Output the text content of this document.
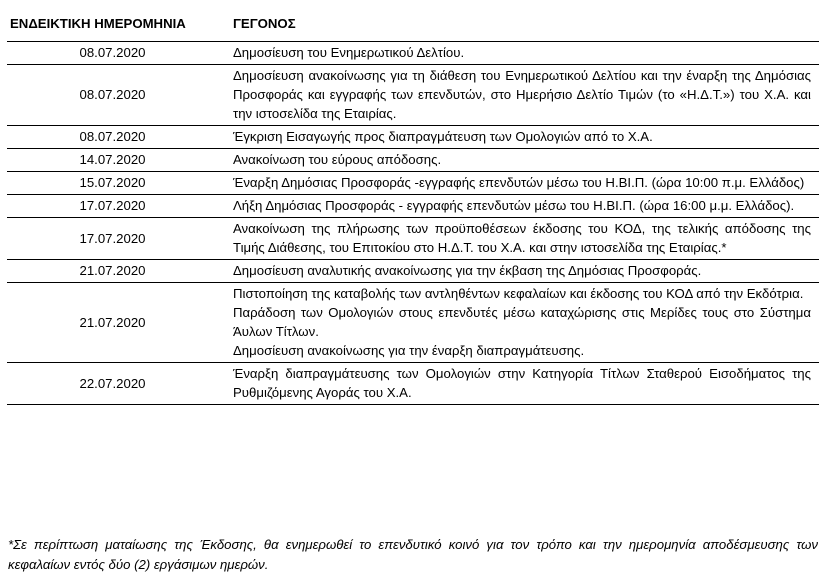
ΕΝΔΕΙΚΤΙΚΗ ΗΜΕΡΟΜΗΝΙΑ	ΓΕΓΟΝΟΣ
08.07.2020	Δημοσίευση του Ενημερωτικού Δελτίου.

08.07.2020	Δημοσίευση ανακοίνωσης για τη διάθεση του Ενημερωτικού Δελτίου και την έναρξη της Δημόσιας Προσφοράς και εγγραφής των επενδυτών, στο Ημερήσιο Δελτίο Τιμών (το «Η.Δ.Τ.») του Χ.Α. και την ιστοσελίδα της Εταιρίας.

08.07.2020	Έγκριση Εισαγωγής προς διαπραγμάτευση των Ομολογιών από το Χ.Α.

14.07.2020	Ανακοίνωση του εύρους απόδοσης.

15.07.2020	Έναρξη Δημόσιας Προσφοράς -εγγραφής επενδυτών μέσω του Η.ΒΙ.Π. (ώρα 10:00 π.μ. Ελλάδος)

17.07.2020	Λήξη Δημόσιας Προσφοράς - εγγραφής επενδυτών μέσω του Η.ΒΙ.Π. (ώρα 16:00 μ.μ. Ελλάδος).

17.07.2020	Ανακοίνωση της πλήρωσης των προϋποθέσεων έκδοσης του ΚΟΔ, της τελικής απόδοσης της Τιμής Διάθεσης, του Επιτοκίου στο Η.Δ.Τ. του Χ.Α. και στην ιστοσελίδα της Εταιρίας.*

21.07.2020	Δημοσίευση αναλυτικής ανακοίνωσης για την έκβαση της Δημόσιας Προσφοράς.

21.07.2020	Πιστοποίηση της καταβολής των αντληθέντων κεφαλαίων και έκδοσης του ΚΟΔ από την Εκδότρια.
Παράδοση των Ομολογιών στους επενδυτές μέσω καταχώρισης στις Μερίδες τους στο Σύστημα Άυλων Τίτλων.
Δημοσίευση ανακοίνωσης για την έναρξη διαπραγμάτευσης.

22.07.2020	Έναρξη διαπραγμάτευσης των Ομολογιών στην Κατηγορία Τίτλων Σταθερού Εισοδήματος της Ρυθμιζόμενης Αγοράς του Χ.Α.
*Σε περίπτωση ματαίωσης της Έκδοσης, θα ενημερωθεί το επενδυτικό κοινό για τον τρόπο και την ημερομηνία αποδέσμευσης των κεφαλαίων εντός δύο (2) εργάσιμων ημερών.
